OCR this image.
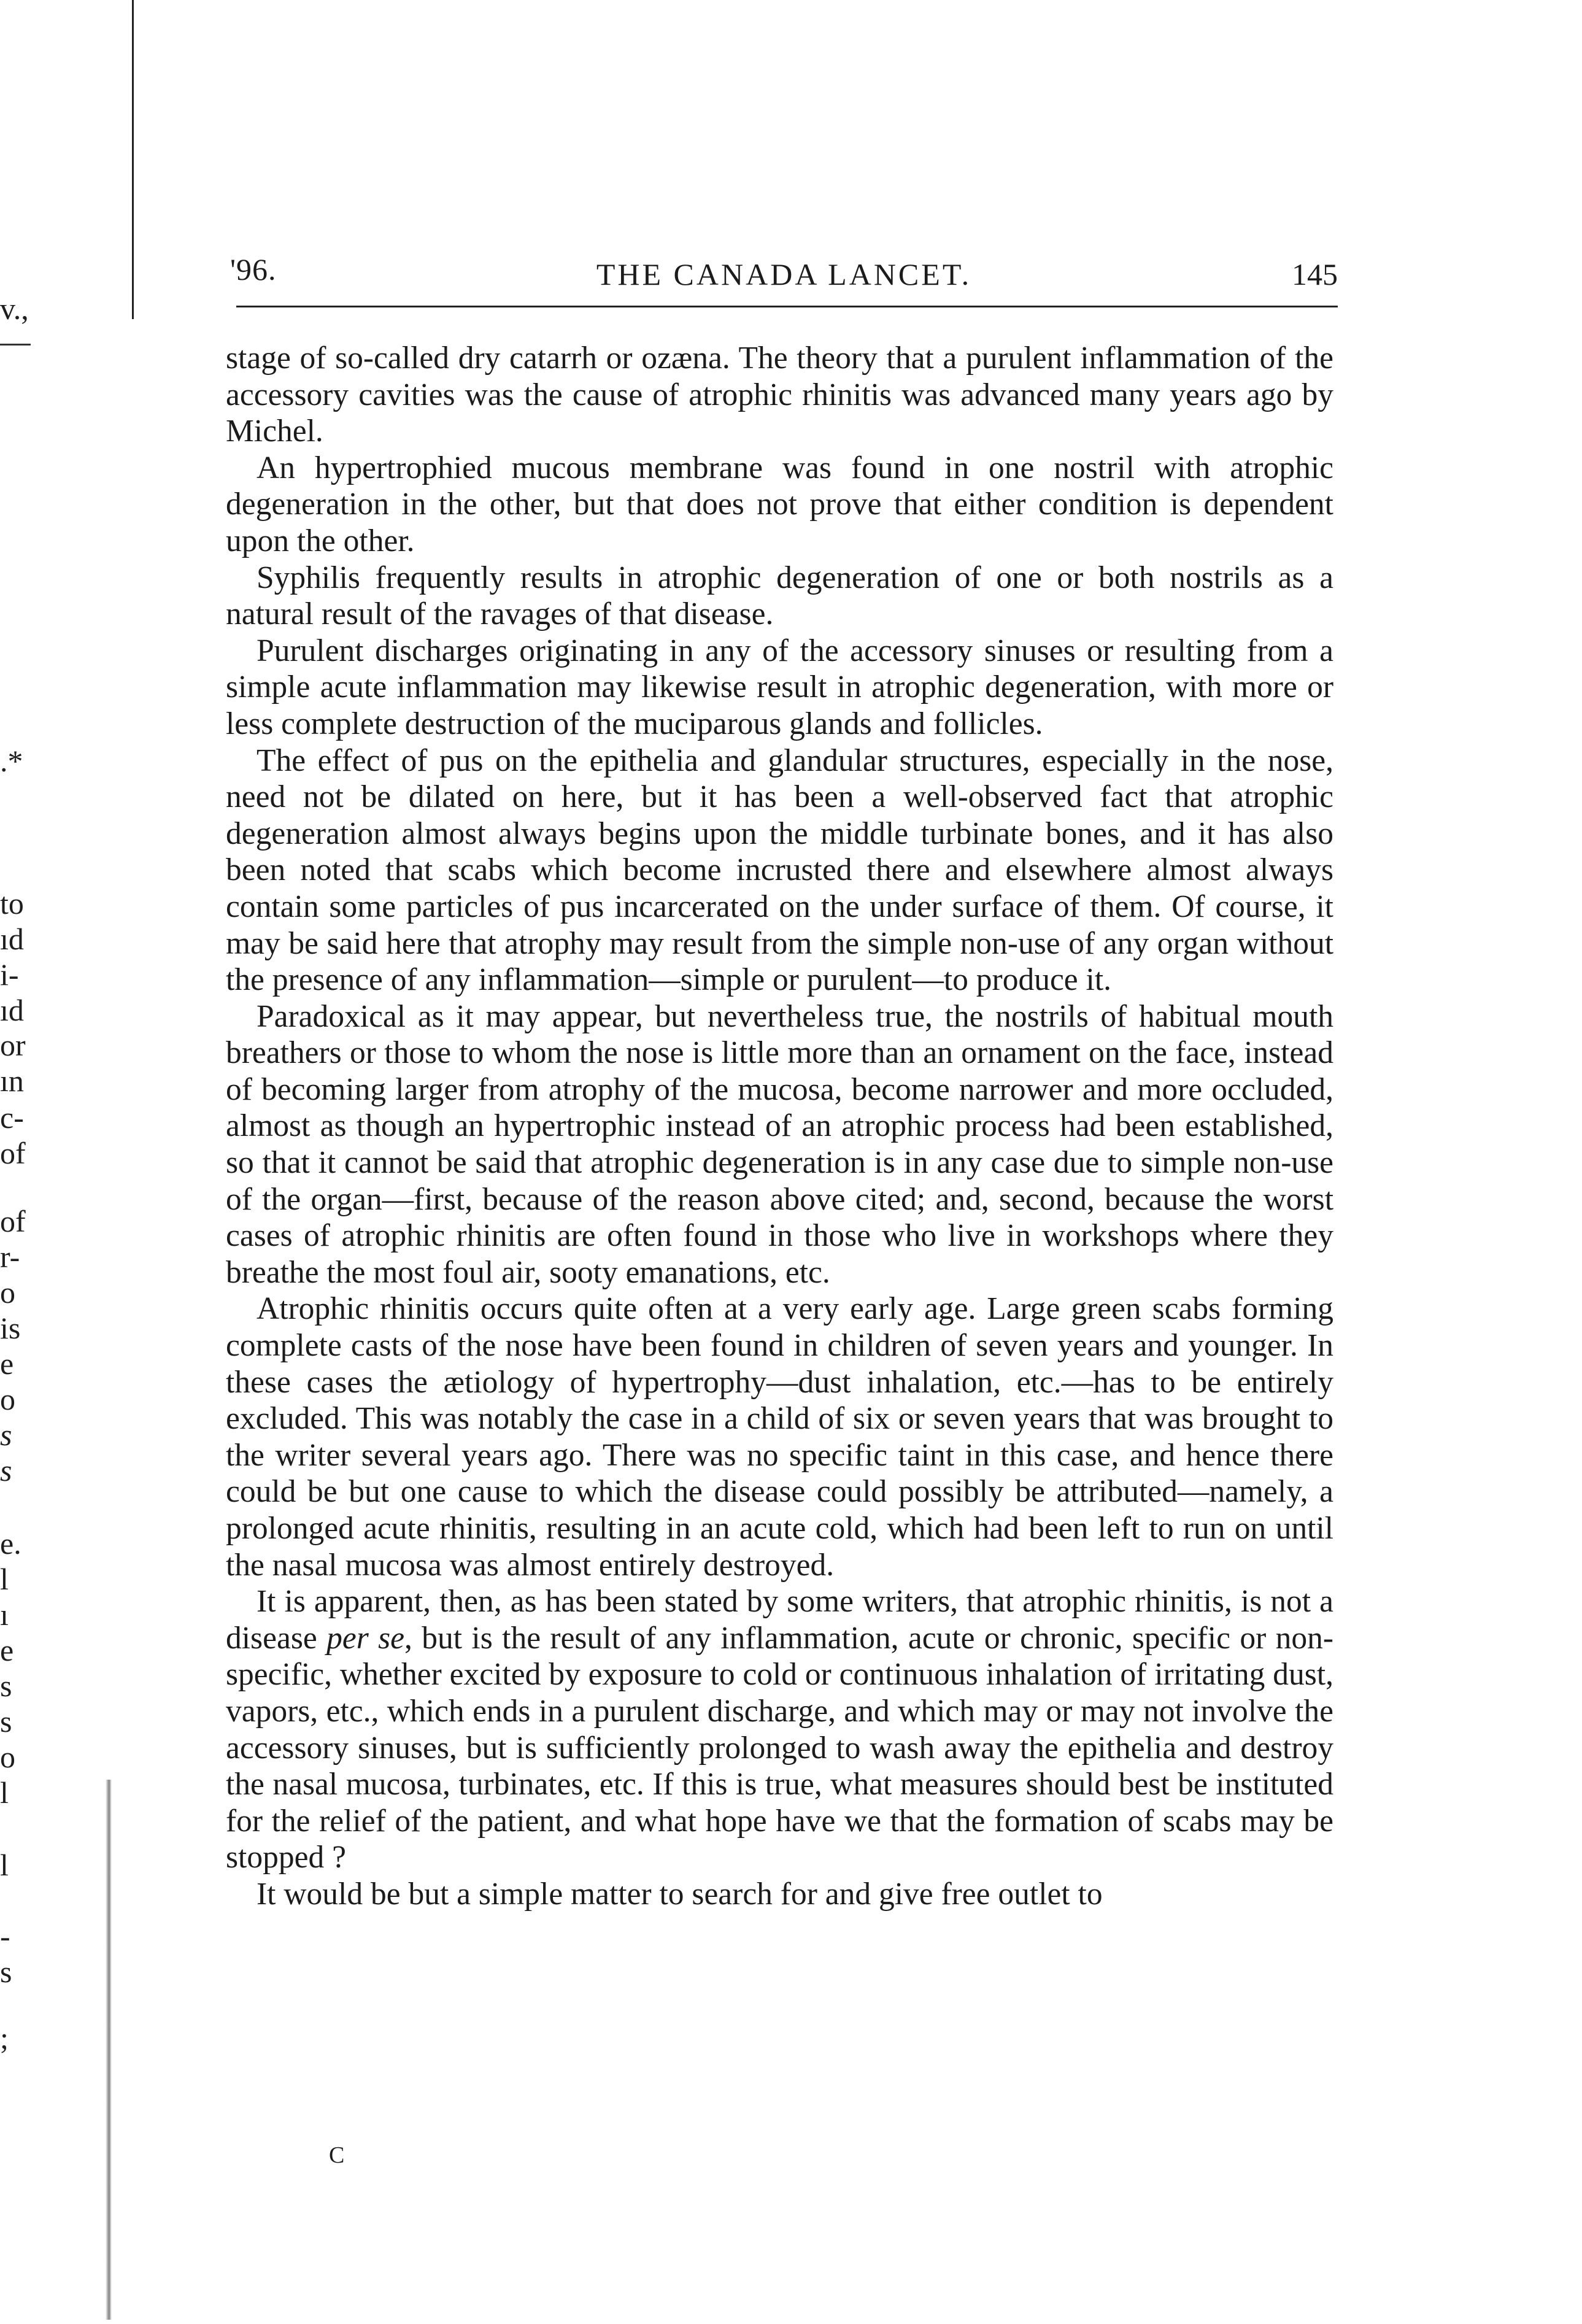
v.,
.*
to
ıd
i-
ıd
or
ın
c-
of
of
r-
o
is
e
o
s
s
e.
l
ı
e
s
s
o
l
l
-
s
;
'96.	THE CANADA LANCET.	145

stage of so-called dry catarrh or ozæna. The theory that a purulent inflammation of the accessory cavities was the cause of atrophic rhinitis was advanced many years ago by Michel.

An hypertrophied mucous membrane was found in one nostril with atrophic degeneration in the other, but that does not prove that either condition is dependent upon the other.

Syphilis frequently results in atrophic degeneration of one or both nostrils as a natural result of the ravages of that disease.

Purulent discharges originating in any of the accessory sinuses or resulting from a simple acute inflammation may likewise result in atrophic degeneration, with more or less complete destruction of the muciparous glands and follicles.

The effect of pus on the epithelia and glandular structures, especially in the nose, need not be dilated on here, but it has been a well-observed fact that atrophic degeneration almost always begins upon the middle turbinate bones, and it has also been noted that scabs which become incrusted there and elsewhere almost always contain some particles of pus incarcerated on the under surface of them. Of course, it may be said here that atrophy may result from the simple non-use of any organ without the presence of any inflammation—simple or purulent—to produce it.

Paradoxical as it may appear, but nevertheless true, the nostrils of habitual mouth breathers or those to whom the nose is little more than an ornament on the face, instead of becoming larger from atrophy of the mucosa, become narrower and more occluded, almost as though an hypertrophic instead of an atrophic process had been established, so that it cannot be said that atrophic degeneration is in any case due to simple non-use of the organ—first, because of the reason above cited; and, second, because the worst cases of atrophic rhinitis are often found in those who live in workshops where they breathe the most foul air, sooty emanations, etc.

Atrophic rhinitis occurs quite often at a very early age. Large green scabs forming complete casts of the nose have been found in children of seven years and younger. In these cases the ætiology of hypertrophy—dust inhalation, etc.—has to be entirely excluded. This was notably the case in a child of six or seven years that was brought to the writer several years ago. There was no specific taint in this case, and hence there could be but one cause to which the disease could possibly be attributed—namely, a prolonged acute rhinitis, resulting in an acute cold, which had been left to run on until the nasal mucosa was almost entirely destroyed.

It is apparent, then, as has been stated by some writers, that atrophic rhinitis, is not a disease per se, but is the result of any inflammation, acute or chronic, specific or non-specific, whether excited by exposure to cold or continuous inhalation of irritating dust, vapors, etc., which ends in a purulent discharge, and which may or may not involve the accessory sinuses, but is sufficiently prolonged to wash away the epithelia and destroy the nasal mucosa, turbinates, etc. If this is true, what measures should best be instituted for the relief of the patient, and what hope have we that the formation of scabs may be stopped ?

It would be but a simple matter to search for and give free outlet to

C
